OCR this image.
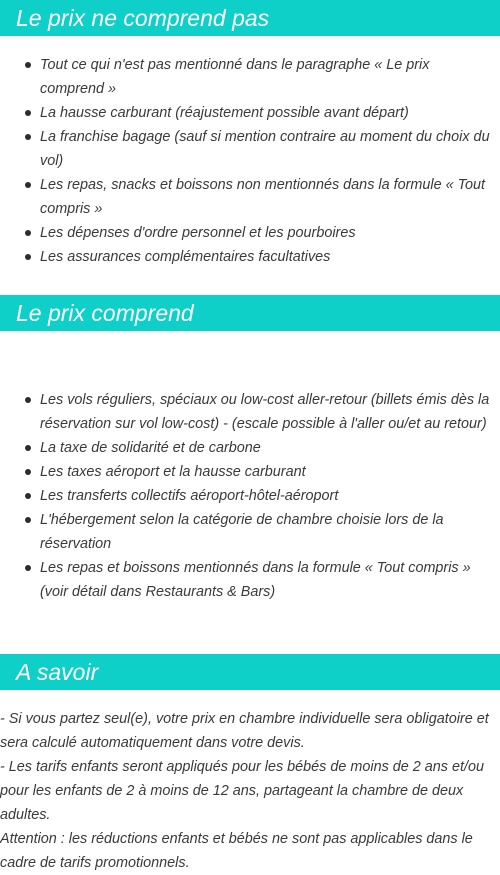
Le prix ne comprend pas
Tout ce qui n'est pas mentionné dans le paragraphe « Le prix comprend »
La hausse carburant (réajustement possible avant départ)
La franchise bagage (sauf si mention contraire au moment du choix du vol)
Les repas, snacks et boissons non mentionnés dans la formule « Tout compris »
Les dépenses d'ordre personnel et les pourboires
Les assurances complémentaires facultatives
Le prix comprend
Les vols réguliers, spéciaux ou low-cost aller-retour (billets émis dès la réservation sur vol low-cost) - (escale possible à l'aller ou/et au retour)
La taxe de solidarité et de carbone
Les taxes aéroport et la hausse carburant
Les transferts collectifs aéroport-hôtel-aéroport
L'hébergement selon la catégorie de chambre choisie lors de la réservation
Les repas et boissons mentionnés dans la formule « Tout compris » (voir détail dans Restaurants & Bars)
A savoir

- Si vous partez seul(e), votre prix en chambre individuelle sera obligatoire et sera calculé automatiquement dans votre devis.

- Les tarifs enfants seront appliqués pour les bébés de moins de 2 ans et/ou pour les enfants de 2 à moins de 12 ans, partageant la chambre de deux adultes.

Attention : les réductions enfants et bébés ne sont pas applicables dans le cadre de tarifs promotionnels.
